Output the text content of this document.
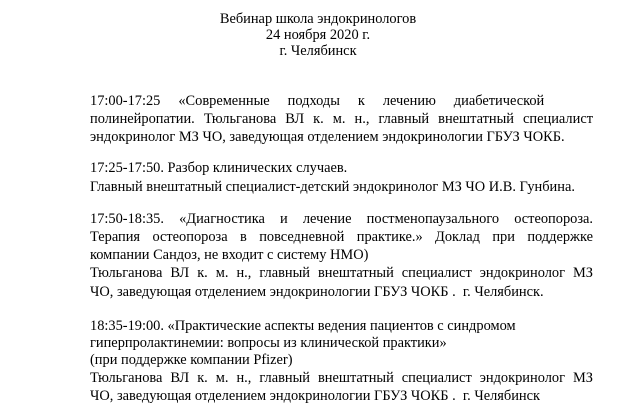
Вебинар школа эндокринологов
24 ноября 2020 г.
г. Челябинск
17:00-17:25     «Современные     подходы     к     лечению     диабетической
полинейропатии. Тюльганова ВЛ к. м. н., главный внештатный специалист
эндокринолог МЗ ЧО, заведующая отделением эндокринологии ГБУЗ ЧОКБ.
17:25-17:50. Разбор клинических случаев.
Главный внештатный специалист-детский эндокринолог МЗ ЧО И.В. Гунбина.
17:50-18:35. «Диагностика и лечение постменопаузального остеопороза.
Терапия остеопороза в повседневной практике.» Доклад при поддержке
компании Сандоз, не входит с систему НМО)
Тюльганова ВЛ к. м. н., главный внештатный специалист эндокринолог МЗ
ЧО, заведующая отделением эндокринологии ГБУЗ ЧОКБ .  г. Челябинск.
18:35-19:00. «Практические аспекты ведения пациентов с синдромом
гиперпролактинемии: вопросы из клинической практики»
(при поддержке компании Pfizer)
Тюльганова ВЛ к. м. н., главный внештатный специалист эндокринолог МЗ
ЧО, заведующая отделением эндокринологии ГБУЗ ЧОКБ .  г. Челябинск
